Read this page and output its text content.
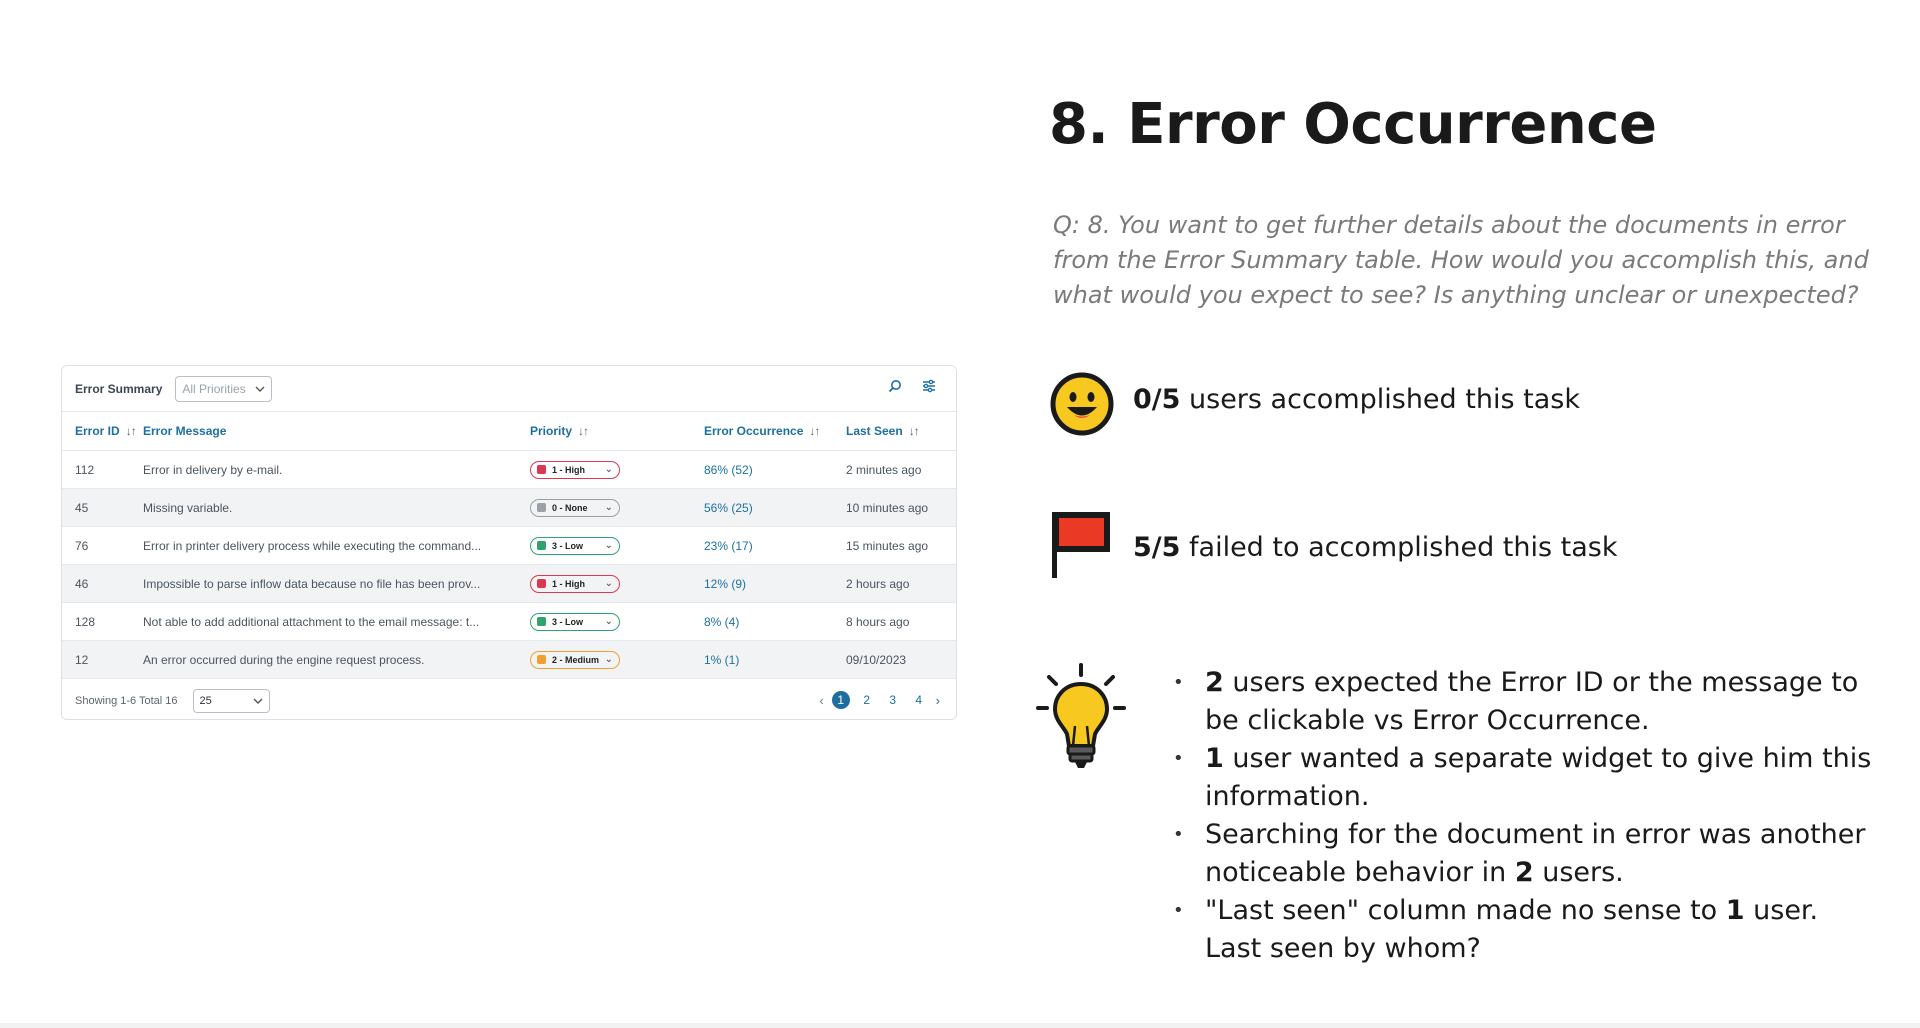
Error Summary All Priorities
Error ID ↓↑ Error Message	Priority ↓↑	Error Occurrence ↓↑	Last Seen ↓↑
112	Error in delivery by e-mail.	1 - High ⌄	86% (52)	2 minutes ago
45	Missing variable.	0 - None ⌄	56% (25)	10 minutes ago
76	Error in printer delivery process while executing the command...	3 - Low ⌄	23% (17)	15 minutes ago
46	Impossible to parse inflow data because no file has been prov...	1 - High ⌄	12% (9)	2 hours ago
128	Not able to add additional attachment to the email message: t...	3 - Low ⌄	8% (4)	8 hours ago
12	An error occurred during the engine request process.	2 - Medium ⌄	1% (1)	09/10/2023
Showing 1-6 Total 16 25	‹	1	2	3	4	›
8. Error Occurrence

Q: 8. You want to get further details about the documents in error from the Error Summary table. How would you accomplish this, and what would you expect to see? Is anything unclear or unexpected?

0/5 users accomplished this task
5/5 failed to accomplished this task
• 2 users expected the Error ID or the message to be clickable vs Error Occurrence.
• 1 user wanted a separate widget to give him this information.
• Searching for the document in error was another noticeable behavior in 2 users.
• "Last seen" column made no sense to 1 user. Last seen by whom?
